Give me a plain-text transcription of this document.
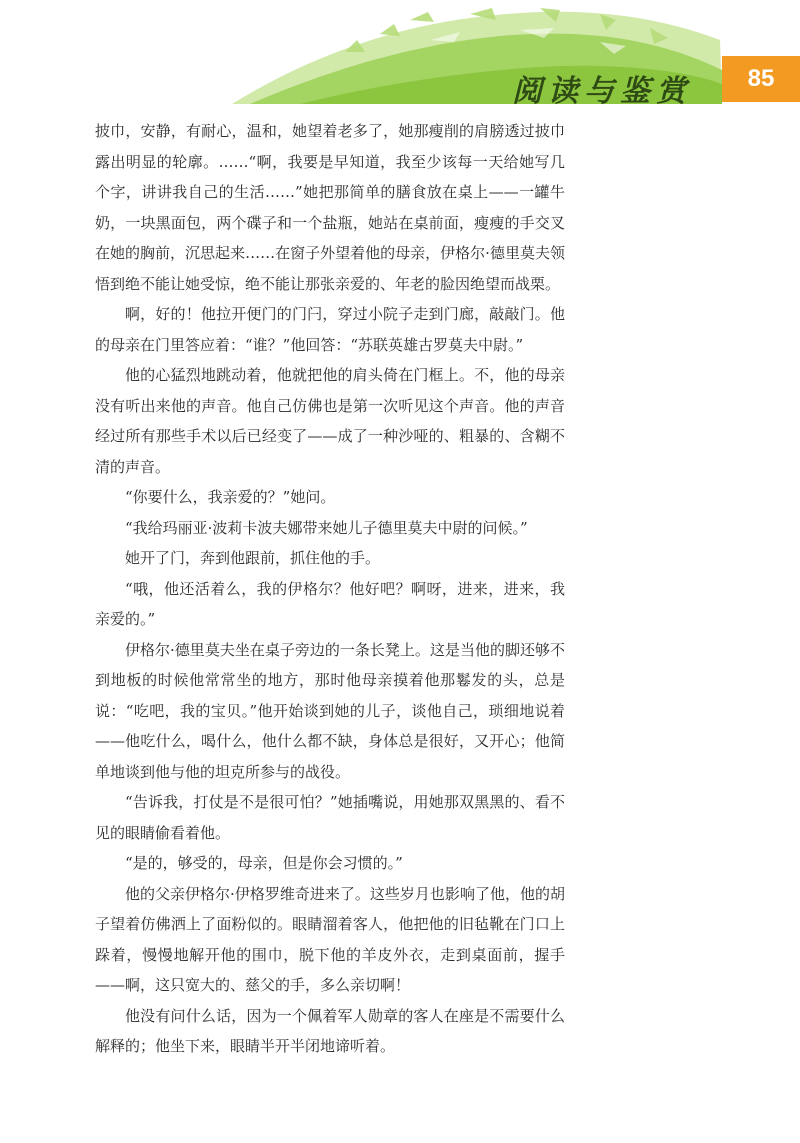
阅读与鉴赏 85

披巾，安静，有耐心，温和，她望着老多了，她那瘦削的肩膀透过披巾露出明显的轮廓。……“啊，我要是早知道，我至少该每一天给她写几个字，讲讲我自己的生活……”她把那简单的膳食放在桌上——一罐牛奶，一块黑面包，两个碟子和一个盐瓶，她站在桌前面，瘦瘦的手交叉在她的胸前，沉思起来……在窗子外望着他的母亲，伊格尔·德里莫夫领悟到绝不能让她受惊，绝不能让那张亲爱的、年老的脸因绝望而战栗。

啊，好的！他拉开便门的门闩，穿过小院子走到门廊，敲敲门。他的母亲在门里答应着：“谁？”他回答：“苏联英雄古罗莫夫中尉。”

他的心猛烈地跳动着，他就把他的肩头倚在门框上。不，他的母亲没有听出来他的声音。他自己仿佛也是第一次听见这个声音。他的声音经过所有那些手术以后已经变了——成了一种沙哑的、粗暴的、含糊不清的声音。

“你要什么，我亲爱的？”她问。

“我给玛丽亚·波莉卡波夫娜带来她儿子德里莫夫中尉的问候。”

她开了门，奔到他跟前，抓住他的手。

“哦，他还活着么，我的伊格尔？他好吧？啊呀，进来，进来，我亲爱的。”

伊格尔·德里莫夫坐在桌子旁边的一条长凳上。这是当他的脚还够不到地板的时候他常常坐的地方，那时他母亲摸着他那鬈发的头，总是说：“吃吧，我的宝贝。”他开始谈到她的儿子，谈他自己，琐细地说着——他吃什么，喝什么，他什么都不缺，身体总是很好，又开心；他简单地谈到他与他的坦克所参与的战役。

“告诉我，打仗是不是很可怕？”她插嘴说，用她那双黑黑的、看不见的眼睛偷看着他。

“是的，够受的，母亲，但是你会习惯的。”

他的父亲伊格尔·伊格罗维奇进来了。这些岁月也影响了他，他的胡子望着仿佛洒上了面粉似的。眼睛溜着客人，他把他的旧毡靴在门口上跺着，慢慢地解开他的围巾，脱下他的羊皮外衣，走到桌面前，握手——啊，这只宽大的、慈父的手，多么亲切啊！

他没有问什么话，因为一个佩着军人勋章的客人在座是不需要什么解释的；他坐下来，眼睛半开半闭地谛听着。
